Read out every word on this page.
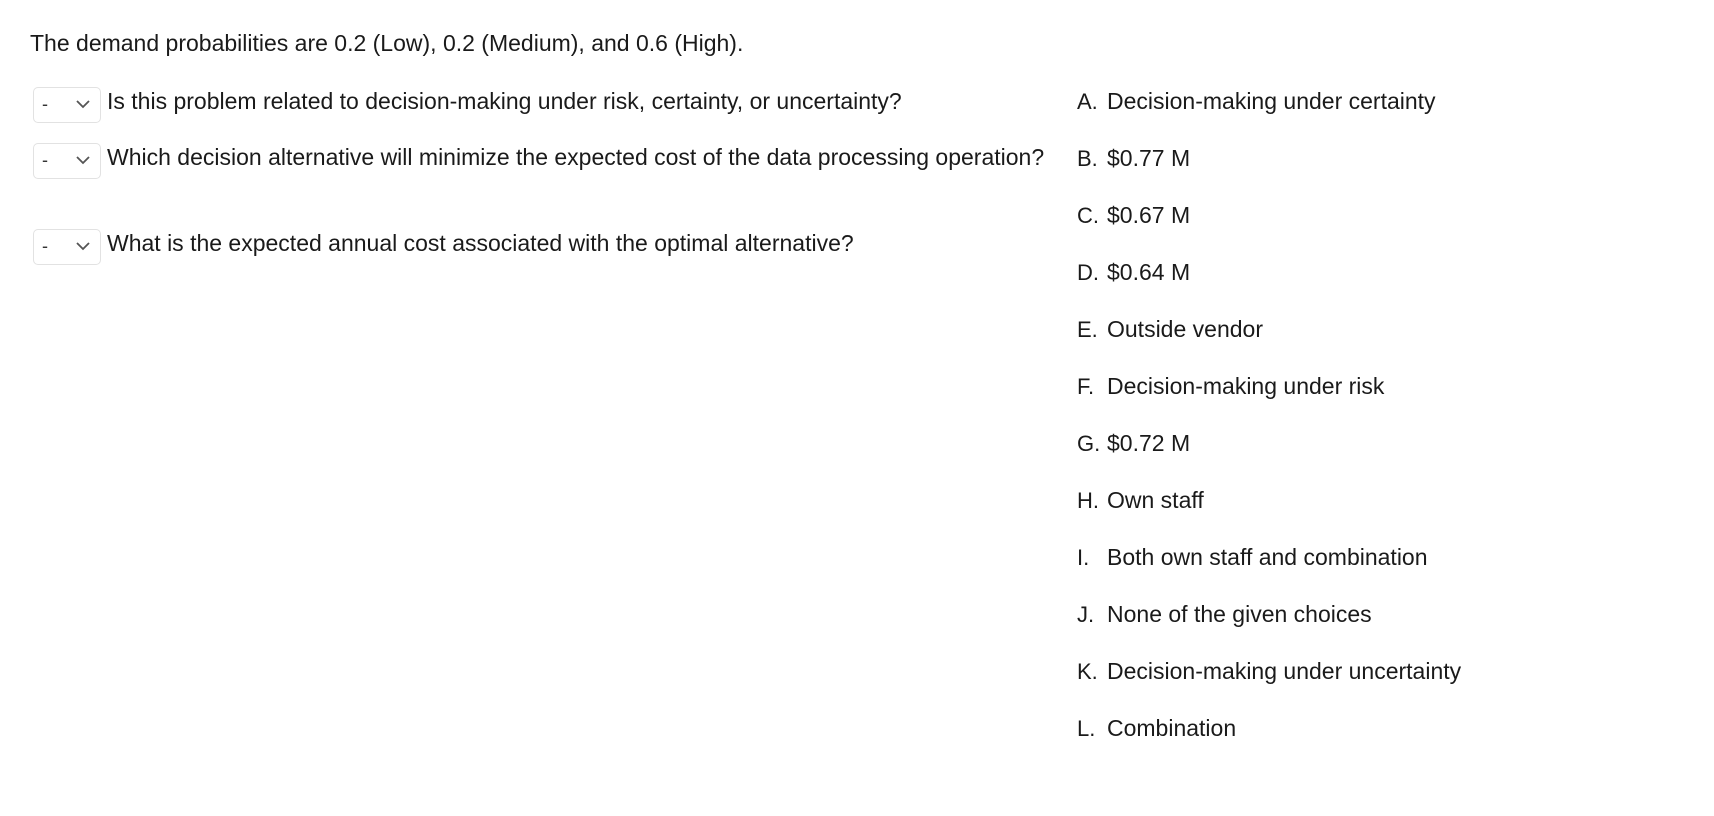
The demand probabilities are 0.2 (Low), 0.2 (Medium), and 0.6 (High).
-	Is this problem related to decision-making under risk, certainty, or uncertainty?
-	Which decision alternative will minimize the expected cost of the data processing operation?
-	What is the expected annual cost associated with the optimal alternative?
A. Decision-making under certainty
B. $0.77 M
C. $0.67 M
D. $0.64 M
E. Outside vendor
F. Decision-making under risk
G. $0.72 M
H. Own staff
I. Both own staff and combination
J. None of the given choices
K. Decision-making under uncertainty
L. Combination
